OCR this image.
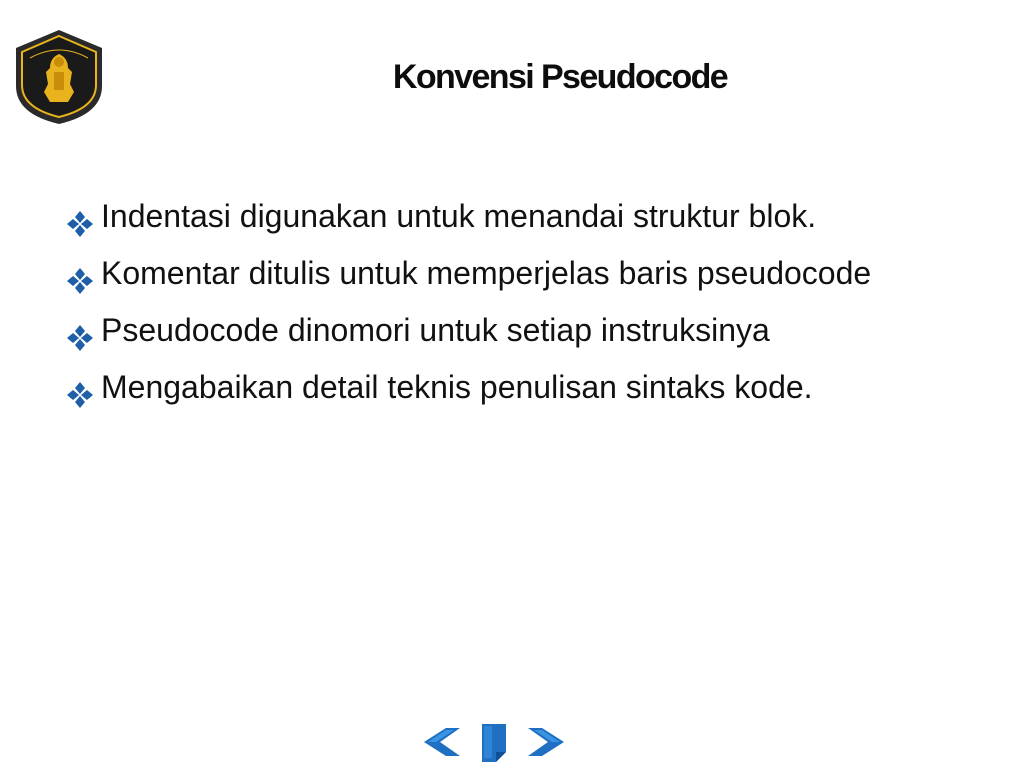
Konvensi Pseudocode
Indentasi digunakan untuk menandai struktur blok.
Komentar ditulis untuk memperjelas baris pseudocode
Pseudocode dinomori untuk setiap instruksinya
Mengabaikan detail teknis penulisan sintaks kode.
